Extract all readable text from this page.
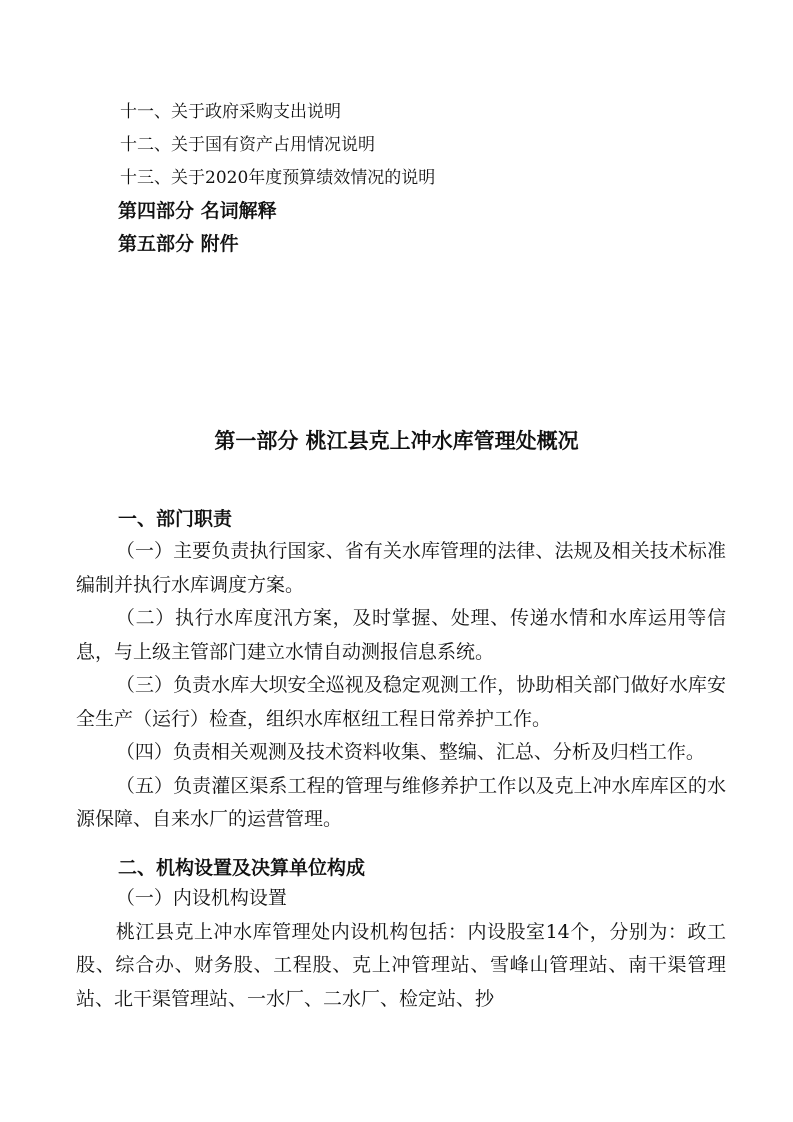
十一、关于政府采购支出说明
十二、关于国有资产占用情况说明
十三、关于2020年度预算绩效情况的说明
第四部分 名词解释
第五部分 附件
第一部分 桃江县克上冲水库管理处概况
一、部门职责

（一）主要负责执行国家、省有关水库管理的法律、法规及相关技术标准编制并执行水库调度方案。

（二）执行水库度汛方案，及时掌握、处理、传递水情和水库运用等信息，与上级主管部门建立水情自动测报信息系统。

（三）负责水库大坝安全巡视及稳定观测工作，协助相关部门做好水库安全生产（运行）检查，组织水库枢纽工程日常养护工作。

（四）负责相关观测及技术资料收集、整编、汇总、分析及归档工作。

（五）负责灌区渠系工程的管理与维修养护工作以及克上冲水库库区的水源保障、自来水厂的运营管理。

二、机构设置及决算单位构成

（一）内设机构设置

桃江县克上冲水库管理处内设机构包括：内设股室14个，分别为：政工股、综合办、财务股、工程股、克上冲管理站、雪峰山管理站、南干渠管理站、北干渠管理站、一水厂、二水厂、检定站、抄
